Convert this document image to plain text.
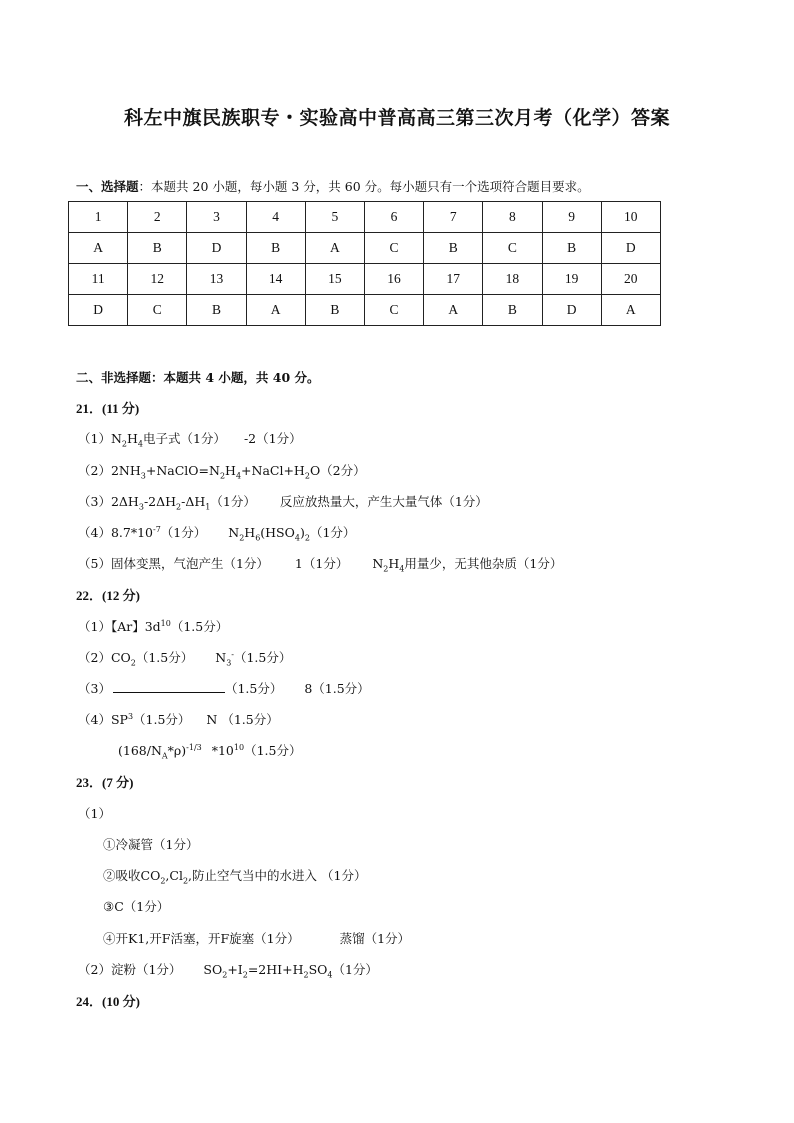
科左中旗民族职专・实验高中普高高三第三次月考（化学）答案
一、选择题：本题共 20 小题，每小题 3 分，共 60 分。每小题只有一个选项符合题目要求。
1	2	3	4	5	6	7	8	9	10
A	B	D	B	A	C	B	C	B	D
11	12	13	14	15	16	17	18	19	20
D	C	B	A	B	C	A	B	D	A
二、非选择题：本题共 4 小题，共 40 分。
21．(11 分)
$(1)N_2H_4$电子式（1分） -2（1分）
$(2)2NH_3+NaClO=N_2H_4+NaCl+H_2O(2$分）
$(3)2\Delta H_3-2\Delta H_2-\Delta H_1(1$分） 反应放热量大，产生大量气体（1分）
$(4)8.7*10^{-7}(1$分） $N_2H_6(HSO_4)_2(1$分）
（5）固体变黑，气泡产生（1分） 1（1分） $N_2H_4$用量少，无其他杂质（1分）
22．(12 分)
（1）【Ar】$3d^{10}(1.5$分）
$(2)CO_2(1.5$分） $N_3^-(1.5$分）
（3）	（1.5分） 8（1.5分）
$(4)SP^3(1.5$分） N （1.5分）
$(168/N_A*\rho)^{-1/3}$ $*10^{10}(1.5$分）
23．(7 分)
（1）
①冷凝管（1分）
②吸收$CO_2,Cl_2$,防止空气当中的水进入 （1分）
③C（1分）
④开K1,开F活塞，开F旋塞（1分）	蒸馏（1分）
（2）淀粉（1分） $SO_2+I_2=2HI+H_2SO_4(1$分）
24．(10 分)
